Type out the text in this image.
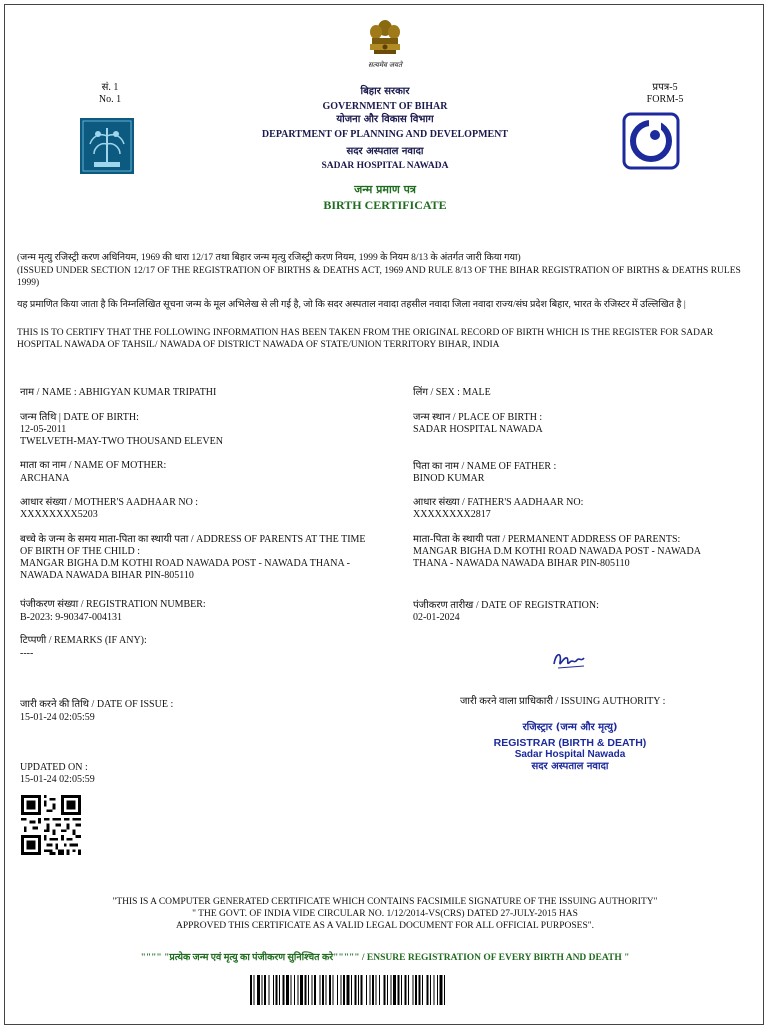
सत्यमेव जयते
सं. 1
No. 1
प्रपत्र-5
FORM-5
बिहार सरकार
GOVERNMENT OF BIHAR
योजना और विकास विभाग
DEPARTMENT OF PLANNING AND DEVELOPMENT
सदर अस्पताल नवादा
SADAR HOSPITAL NAWADA
जन्म प्रमाण पत्र
BIRTH CERTIFICATE
(जन्म मृत्यु रजिस्ट्री करण अधिनियम, 1969 की धारा 12/17 तथा बिहार जन्म मृत्यु रजिस्ट्री करण नियम, 1999 के नियम 8/13 के अंतर्गत जारी किया गया)
(ISSUED UNDER SECTION 12/17 OF THE REGISTRATION OF BIRTHS & DEATHS ACT, 1969 AND RULE 8/13 OF THE BIHAR REGISTRATION OF BIRTHS & DEATHS RULES 1999)
यह प्रमाणित किया जाता है कि निम्नलिखित सूचना जन्म के मूल अभिलेख से ली गई है, जो कि सदर अस्पताल नवादा तहसील नवादा जिला नवादा राज्य/संघ प्रदेश बिहार, भारत के रजिस्टर में उल्लिखित है |
THIS IS TO CERTIFY THAT THE FOLLOWING INFORMATION HAS BEEN TAKEN FROM THE ORIGINAL RECORD OF BIRTH WHICH IS THE REGISTER FOR SADAR HOSPITAL NAWADA OF TAHSIL/ NAWADA OF DISTRICT NAWADA OF STATE/UNION TERRITORY BIHAR, INDIA
नाम / NAME : ABHIGYAN KUMAR TRIPATHI
जन्म तिथि | DATE OF BIRTH:
12-05-2011
TWELVETH-MAY-TWO THOUSAND ELEVEN
माता का नाम / NAME OF MOTHER:
ARCHANA
आधार संख्या / MOTHER'S AADHAAR NO :
XXXXXXXX5203
बच्चे के जन्म के समय माता-पिता का स्थायी पता / ADDRESS OF PARENTS AT THE TIME
OF BIRTH OF THE CHILD :
MANGAR BIGHA D.M KOTHI ROAD NAWADA POST - NAWADA THANA -
NAWADA NAWADA BIHAR PIN-805110
पंजीकरण संख्या / REGISTRATION NUMBER:
B-2023: 9-90347-004131
टिप्पणी / REMARKS (IF ANY):
----
जारी करने की तिथि / DATE OF ISSUE :
15-01-24 02:05:59
UPDATED ON :
15-01-24 02:05:59
लिंग / SEX : MALE
जन्म स्थान / PLACE OF BIRTH :
SADAR HOSPITAL NAWADA
पिता का नाम / NAME OF FATHER :
BINOD KUMAR
आधार संख्या / FATHER'S AADHAAR NO:
XXXXXXXX2817
माता-पिता के स्थायी पता / PERMANENT ADDRESS OF PARENTS:
MANGAR BIGHA D.M KOTHI ROAD NAWADA POST - NAWADA
THANA - NAWADA NAWADA BIHAR PIN-805110
पंजीकरण तारीख / DATE OF REGISTRATION:
02-01-2024
जारी करने वाला प्राधिकारी / ISSUING AUTHORITY :
रजिस्ट्रार (जन्म और मृत्यु)
REGISTRAR (BIRTH & DEATH)
Sadar Hospital Nawada
सदर अस्पताल नवादा
"THIS IS A COMPUTER GENERATED CERTIFICATE WHICH CONTAINS FACSIMILE SIGNATURE OF THE ISSUING AUTHORITY"
" THE GOVT. OF INDIA VIDE CIRCULAR NO. 1/12/2014-VS(CRS) DATED 27-JULY-2015 HAS
APPROVED THIS CERTIFICATE AS A VALID LEGAL DOCUMENT FOR ALL OFFICIAL PURPOSES".
"""" "प्रत्येक जन्म एवं मृत्यु का पंजीकरण सुनिश्चित करे""""" / ENSURE REGISTRATION OF EVERY BIRTH AND DEATH "
